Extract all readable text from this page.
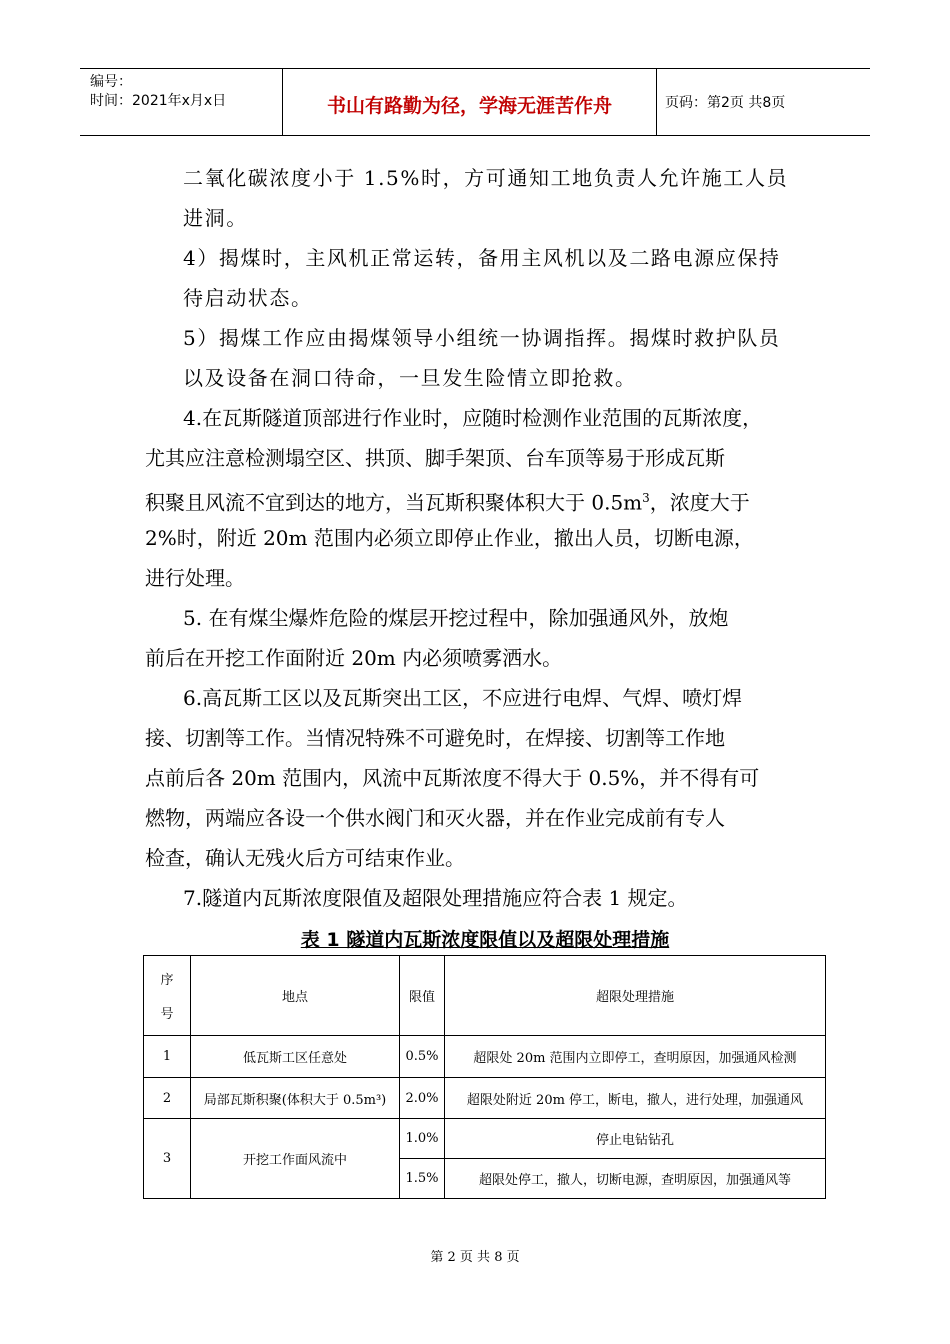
编号：
时间：2021年x月x日	书山有路勤为径，学海无涯苦作舟	页码：第2页 共8页
二氧化碳浓度小于 1.5%时，方可通知工地负责人允许施工人员
进洞。
4）揭煤时，主风机正常运转，备用主风机以及二路电源应保持
待启动状态。
5）揭煤工作应由揭煤领导小组统一协调指挥。揭煤时救护队员
以及设备在洞口待命，一旦发生险情立即抢救。
4.在瓦斯隧道顶部进行作业时，应随时检测作业范围的瓦斯浓度，
尤其应注意检测塌空区、拱顶、脚手架顶、台车顶等易于形成瓦斯
积聚且风流不宜到达的地方，当瓦斯积聚体积大于 $0.5m^3$，浓度大于
2%时，附近 20m 范围内必须立即停止作业，撤出人员，切断电源，
进行处理。
5. 在有煤尘爆炸危险的煤层开挖过程中，除加强通风外，放炮
前后在开挖工作面附近 20m 内必须喷雾洒水。
6.高瓦斯工区以及瓦斯突出工区，不应进行电焊、气焊、喷灯焊
接、切割等工作。当情况特殊不可避免时，在焊接、切割等工作地
点前后各 20m 范围内，风流中瓦斯浓度不得大于 0.5%，并不得有可
燃物，两端应各设一个供水阀门和灭火器，并在作业完成前有专人
检查，确认无残火后方可结束作业。
7.隧道内瓦斯浓度限值及超限处理措施应符合表 1 规定。
表 1 隧道内瓦斯浓度限值以及超限处理措施
序

号	地点	限值	超限处理措施
1	低瓦斯工区任意处	0.5%	超限处 20m 范围内立即停工，查明原因，加强通风检测
2	局部瓦斯积聚(体积大于 0.5m³)	2.0%	超限处附近 20m 停工，断电，撤人，进行处理，加强通风
3	开挖工作面风流中	1.0%	停止电钻钻孔
		1.5%	超限处停工，撤人，切断电源，查明原因，加强通风等
第 2 页 共 8 页
